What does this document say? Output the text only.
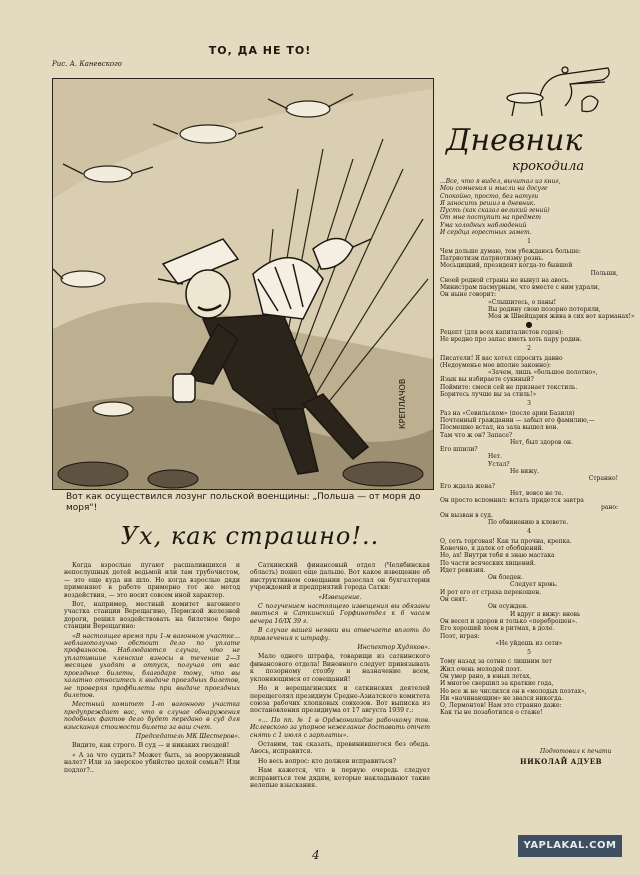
ТО, ДА НЕ ТО!
Рис. А. Каневского
КРЕПЛАЧОВ
Вот как осуществился лозунг польской военщины: „Польша — от моря до моря"!
Ух, как страшно!..

Когда взрослые пугают расшалившихся и непослушных детей ведьмой или там трубочистом, — это еще куда ни шло. Но когда взрослые дяди применяют в работе примерно тот же метод воздействия, — это носит совсем иной характер.

Вот, например, местный комитет вагонного участка станции Верещагино, Пермской железной дороги, решил воздействовать на билетное бюро станции Верещагино:

«В настоящее время при 1-м вагонном участке... неблагополучно обстоит дело по уплате профвзносов. Наблюдаются случаи, что не уплатившие членские взносы в течение 2—3 месяцев уходят в отпуск, получая от вас проездные билеты, благодаря тому, что вы халатно относитесь к выдаче проездных билетов, не проверяя профбилеты при выдаче проездных билетов.

Местный комитет 1-го вагонного участка предупреждает вас, что в случае обнаружения подобных фактов дело будет передано в суд для взыскания стоимости билета за ваш счет.

Председатель МК Шестеров».

Видите, как строго. В суд — и никаких гвоздей!

« А за что судить? Может быть, за вооруженный налет? Или за зверское убийство целой семьи?! Или подлог?..

Саткинский финансовый отдел (Челябинская область) пошел еще дальше. Вот какое извещение об инструктивном совещании разослал он бухгалтерии учреждений и предприятий города Сатки:

«Извещение.

С получением настоящего извещения вы обязаны явиться в Саткинский Горфинотдел к 6 часам вечера 16/IX 39 г.

В случае вашей неявки вы отвечаете вплоть до привлечения к штрафу.

Инспектор Худяков».

Мало одного штрафа, товарищи из саткинского финансового отдела! Виновного следует привязывать к позорному столбу и назначение всем, уклоняющимся от совещаний!

Но и верещагинских и саткинских деятелей перещеголял президиум Средне-Азиатского комитета союза рабочих хлопковых совхозов. Вот выписка из постановления президиума от 17 августа 1939 г.:

«... По пп. № 1 в Орджоникидзе рабочкому тов. Ислевского за упорное нежелание доставить отчет снять с 1 июля с зарплаты».

Оставим, так сказать, провинившегося без обеда. Авось, исправится.

Но весь вопрос: кто должен исправиться?

Нам кажется, что в первую очередь следует исправиться тем дядям, которые накладывают такие нелепые взыскания.

Дневник
крокодила
...Все, что я видел, вычитал из книг,
Мои сомнения и мысли на досуге
Спокойно, просто, без натуги
Я заносить решил в дневник.
Пусть (как сказал великий гений)
От мне поступит на предмет
Ума холодных наблюдений
И сердца горестных замет.
1
Чем дольше думаю, тем убеждаюсь больше:
Патриотизм патриотизму рознь.
Мосьцицкий, президент когда-то бывшей
Польши,
Своей родной страны не вынул на авось.
Министрам пасмурным, что вместе с ним удрали,
Он ныне говорит:
«Слышитесь, о паны!
Вы родину свою позорно потеряли,
Моя ж Швейцария жива в сих вот карманах!»
●
Рецепт (для всех капиталистов годен):
Не вредно про запас иметь хоть пару родин.
2
Писатели! Я вас хотел спросить давно
(Недоуменье мое вполне законно):
«Зачем, лишь «большое полотно»,
Язык вы избираете сукнный?
Поймите: смеси сей не признает текстиль.
Боритесь лучше вы за стиль!»
3
Раз на «Севильском» (после арии Базиля)
Почтенный гражданин — забыл его фамилию,—
Посмешно встал, на зала вышел вон.
Там что ж он? Запасе?
Нет, был здоров он.
Его шпили?
Нет.
Устал?
Не вижу.
Странно!
Его ждала жена?
Нет, вовсе не те.
Он просто вспомнил: встать придется завтра
рано:
Он вызван в суд.
По обвинению в клевете.
4
О, сеть торговая! Как ты прочна, крепка.
Конечно, я далек от обобщений.
Но, ах! Внутри тебя я знаю мастака
По части всяческих хищений.
Идет ревизия.
Он бледен.
Следует кровь.
И рот его от страха перекошен.
Он снят.
Он осужден.
И вдруг я вижу: вновь
Он весел и здоров и только «переброшен».
Его хороший лоем в ритмах, в доле.
Поэт, играя:
«Не уйдешь из сети»
5
Тому назад за сотню с лишним лет
Жил очень молодой поэт.
Он умер рано, в юных летах,
И многое свершил за краткие года,
Но все ж не числился он в «молодых поэтах»,
Ни «начинающим» не звался никогда.
О, Лермонтов! Нам это странно даже:
Как ты не позаботился о стаже!
Подготовил к печати
НИКОЛАЙ АДУЕВ
4
YAPLAKAL.COM
